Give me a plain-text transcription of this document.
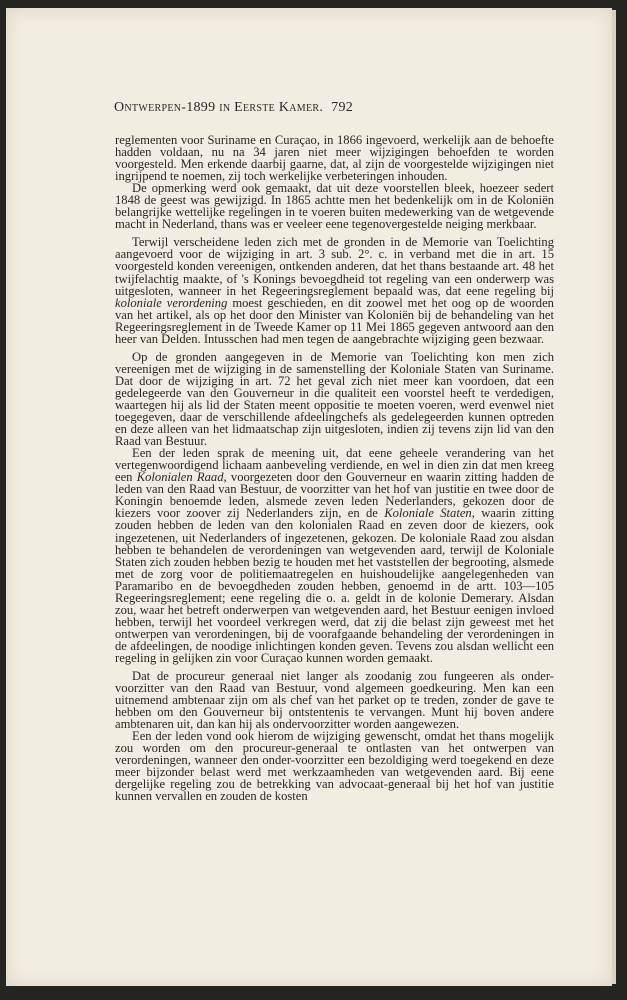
Ontwerpen-1899 in Eerste Kamer. 792

reglementen voor Suriname en Curaçao, in 1866 ingevoerd, werkelijk aan de behoefte hadden voldaan, nu na 34 jaren niet meer wijzigingen behoefden te worden voorgesteld. Men erkende daarbij gaarne, dat, al zijn de voorgestelde wijzigingen niet ingrijpend te noemen, zij toch werkelijke verbeteringen inhouden.

De opmerking werd ook gemaakt, dat uit deze voorstellen bleek, hoezeer sedert 1848 de geest was gewijzigd. In 1865 achtte men het bedenkelijk om in de Koloniën belangrijke wettelijke regelingen in te voeren buiten medewerking van de wetgevende macht in Nederland, thans was er veeleer eene tegenovergestelde neiging merkbaar.

Terwijl verscheidene leden zich met de gronden in de Memorie van Toelichting aangevoerd voor de wijziging in art. 3 sub. 2°. c. in verband met die in art. 15 voorgesteld konden vereenigen, ontkenden anderen, dat het thans bestaande art. 48 het twijfelachtig maakte, of 's Konings bevoegdheid tot regeling van een onderwerp was uitgesloten, wanneer in het Regeeringsreglement bepaald was, dat eene regeling bij koloniale verordening moest geschieden, en dit zoowel met het oog op de woorden van het artikel, als op het door den Minister van Koloniën bij de behandeling van het Regeeringsreglement in de Tweede Kamer op 11 Mei 1865 gegeven antwoord aan den heer van Delden. Intusschen had men tegen de aangebrachte wijziging geen bezwaar.

Op de gronden aangegeven in de Memorie van Toelichting kon men zich vereenigen met de wijziging in de samenstelling der Koloniale Staten van Suriname. Dat door de wijziging in art. 72 het geval zich niet meer kan voordoen, dat een gedelegeerde van den Gouverneur in die qualiteit een voorstel heeft te verdedigen, waartegen hij als lid der Staten meent oppositie te moeten voeren, werd evenwel niet toegegeven, daar de verschillende afdeelingchefs als gedelegeerden kunnen optreden en deze alleen van het lidmaatschap zijn uitgesloten, indien zij tevens zijn lid van den Raad van Bestuur.

Een der leden sprak de meening uit, dat eene geheele verandering van het vertegenwoordigend lichaam aanbeveling verdiende, en wel in dien zin dat men kreeg een Kolonialen Raad, voorgezeten door den Gouverneur en waarin zitting hadden de leden van den Raad van Bestuur, de voorzitter van het hof van justitie en twee door de Koningin benoemde leden, alsmede zeven leden Nederlanders, gekozen door de kiezers voor zoover zij Nederlanders zijn, en de Koloniale Staten, waarin zitting zouden hebben de leden van den kolonialen Raad en zeven door de kiezers, ook ingezetenen, uit Nederlanders of ingezetenen, gekozen. De koloniale Raad zou alsdan hebben te behandelen de verordeningen van wetgevenden aard, terwijl de Koloniale Staten zich zouden hebben bezig te houden met het vaststellen der begrooting, alsmede met de zorg voor de politiemaatregelen en huishoudelijke aangelegenheden van Paramaribo en de bevoegdheden zouden hebben, genoemd in de artt. 103—105 Regeeringsreglement; eene regeling die o. a. geldt in de kolonie Demerary. Alsdan zou, waar het betreft onderwerpen van wetgevenden aard, het Bestuur eenigen invloed hebben, terwijl het voordeel verkregen werd, dat zij die belast zijn geweest met het ontwerpen van verordeningen, bij de voorafgaande behandeling der verordeningen in de afdeelingen, de noodige inlichtingen konden geven. Tevens zou alsdan wellicht een regeling in gelijken zin voor Curaçao kunnen worden gemaakt.

Dat de procureur generaal niet langer als zoodanig zou fungeeren als onder-voorzitter van den Raad van Bestuur, vond algemeen goedkeuring. Men kan een uitnemend ambtenaar zijn om als chef van het parket op te treden, zonder de gave te hebben om den Gouverneur bij ontstentenis te vervangen. Munt hij boven andere ambtenaren uit, dan kan hij als ondervoorzitter worden aangewezen.

Een der leden vond ook hierom de wijziging gewenscht, omdat het thans mogelijk zou worden om den procureur-generaal te ontlasten van het ontwerpen van verordeningen, wanneer den onder-voorzitter een bezoldiging werd toegekend en deze meer bijzonder belast werd met werkzaamheden van wetgevenden aard. Bij eene dergelijke regeling zou de betrekking van advocaat-generaal bij het hof van justitie kunnen vervallen en zouden de kosten
